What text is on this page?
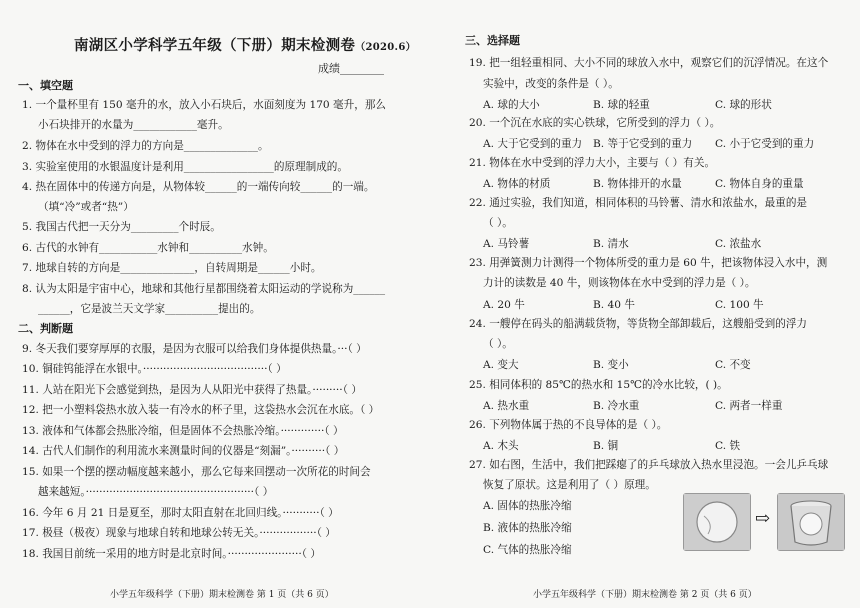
南湖区小学科学五年级（下册）期末检测卷（2020.6）
成绩________
一、填空题
1. 一个量杯里有 150 毫升的水，放入小石块后，水面刻度为 170 毫升，那么
小石块排开的水量为____________毫升。
2. 物体在水中受到的浮力的方向是______________。
3. 实验室使用的水银温度计是利用_________________的原理制成的。
4. 热在固体中的传递方向是，从物体较______的一端传向较______的一端。
（填“冷”或者“热”）
5. 我国古代把一天分为_________个时辰。
6. 古代的水钟有___________水钟和__________水钟。
7. 地球自转的方向是______________，自转周期是______小时。
8. 认为太阳是宇宙中心，地球和其他行星都围绕着太阳运动的学说称为______
______，它是波兰天文学家__________提出的。
二、判断题
9. 冬天我们要穿厚厚的衣服，是因为衣服可以给我们身体提供热量。···（ ）
10. 铜硅钨能浮在水银中。·····································（ ）
11. 人站在阳光下会感觉到热，是因为人从阳光中获得了热量。·········（ ）
12. 把一小塑料袋热水放入装一有冷水的杯子里，这袋热水会沉在水底。（ ）
13. 液体和气体都会热胀冷缩，但是固体不会热胀冷缩。·············（ ）
14. 古代人们制作的利用流水来测量时间的仪器是“刻漏”。··········（ ）
15. 如果一个摆的摆动幅度越来越小，那么它每来回摆动一次所花的时间会
越来越短。··················································（ ）
16. 今年 6 月 21 日是夏至，那时太阳直射在北回归线。···········（ ）
17. 极昼（极夜）现象与地球自转和地球公转无关。·················（ ）
18. 我国目前统一采用的地方时是北京时间。······················（ ）
小学五年级科学（下册）期末检测卷 第 1 页（共 6 页）
三、选择题
19. 把一组轻重相同、大小不同的球放入水中，观察它们的沉浮情况。在这个
实验中，改变的条件是（ ）。
A. 球的大小	B. 球的轻重	C. 球的形状
20. 一个沉在水底的实心铁球，它所受到的浮力（ ）。
A. 大于它受到的重力 B. 等于它受到的重力 C. 小于它受到的重力
21. 物体在水中受到的浮力大小，主要与（ ）有关。
A. 物体的材质	B. 物体排开的水量	C. 物体自身的重量
22. 通过实验，我们知道，相同体积的马铃薯、清水和浓盐水，最重的是
（ ）。
A. 马铃薯	B. 清水	C. 浓盐水
23. 用弹簧测力计测得一个物体所受的重力是 60 牛，把该物体浸入水中，测
力计的读数是 40 牛，则该物体在水中受到的浮力是（ ）。
A. 20 牛	B. 40 牛	C. 100 牛
24. 一艘停在码头的船满载货物，等货物全部卸载后，这艘船受到的浮力
（ ）。
A. 变大	B. 变小	C. 不变
25. 相同体积的 85℃的热水和 15℃的冷水比较，( )。
A. 热水重	B. 冷水重	C. 两者一样重
26. 下列物体属于热的不良导体的是（ ）。
A. 木头	B. 铜	C. 铁
27. 如右图，生活中，我们把踩瘪了的乒乓球放入热水里浸泡。一会儿乒乓球
恢复了原状。这是利用了（ ）原理。
A. 固体的热胀冷缩
B. 液体的热胀冷缩
C. 气体的热胀冷缩
⇨
小学五年级科学（下册）期末检测卷 第 2 页（共 6 页）
